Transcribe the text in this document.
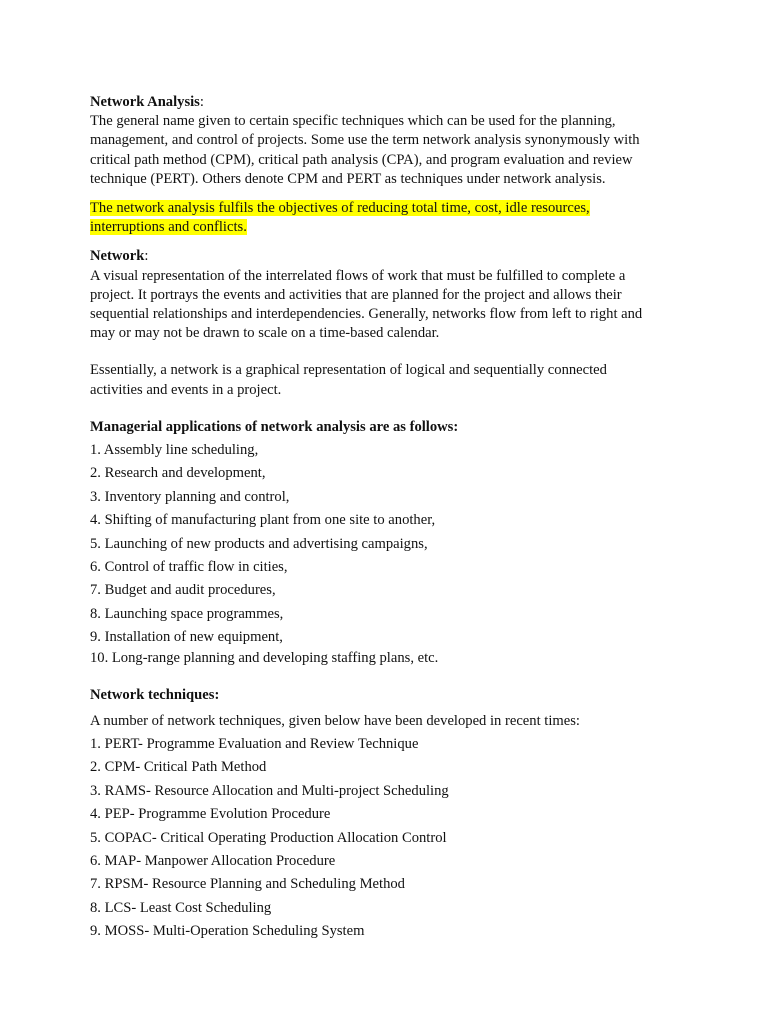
Network Analysis:
The general name given to certain specific techniques which can be used for the planning,
management, and control of projects. Some use the term network analysis synonymously with
critical path method (CPM), critical path analysis (CPA), and program evaluation and review
technique (PERT). Others denote CPM and PERT as techniques under network analysis.
The network analysis fulfils the objectives of reducing total time, cost, idle resources,
interruptions and conflicts.
Network:
A visual representation of the interrelated flows of work that must be fulfilled to complete a
project. It portrays the events and activities that are planned for the project and allows their
sequential relationships and interdependencies. Generally, networks flow from left to right and
may or may not be drawn to scale on a time-based calendar.
Essentially, a network is a graphical representation of logical and sequentially connected
activities and events in a project.
Managerial applications of network analysis are as follows:
1. Assembly line scheduling,
2. Research and development,
3. Inventory planning and control,
4. Shifting of manufacturing plant from one site to another,
5. Launching of new products and advertising campaigns,
6. Control of traffic flow in cities,
7. Budget and audit procedures,
8. Launching space programmes,
9. Installation of new equipment,
10. Long-range planning and developing staffing plans, etc.
Network techniques:
A number of network techniques, given below have been developed in recent times:
1. PERT- Programme Evaluation and Review Technique
2. CPM- Critical Path Method
3. RAMS- Resource Allocation and Multi-project Scheduling
4. PEP- Programme Evolution Procedure
5. COPAC- Critical Operating Production Allocation Control
6. MAP- Manpower Allocation Procedure
7. RPSM- Resource Planning and Scheduling Method
8. LCS- Least Cost Scheduling
9. MOSS- Multi-Operation Scheduling System
